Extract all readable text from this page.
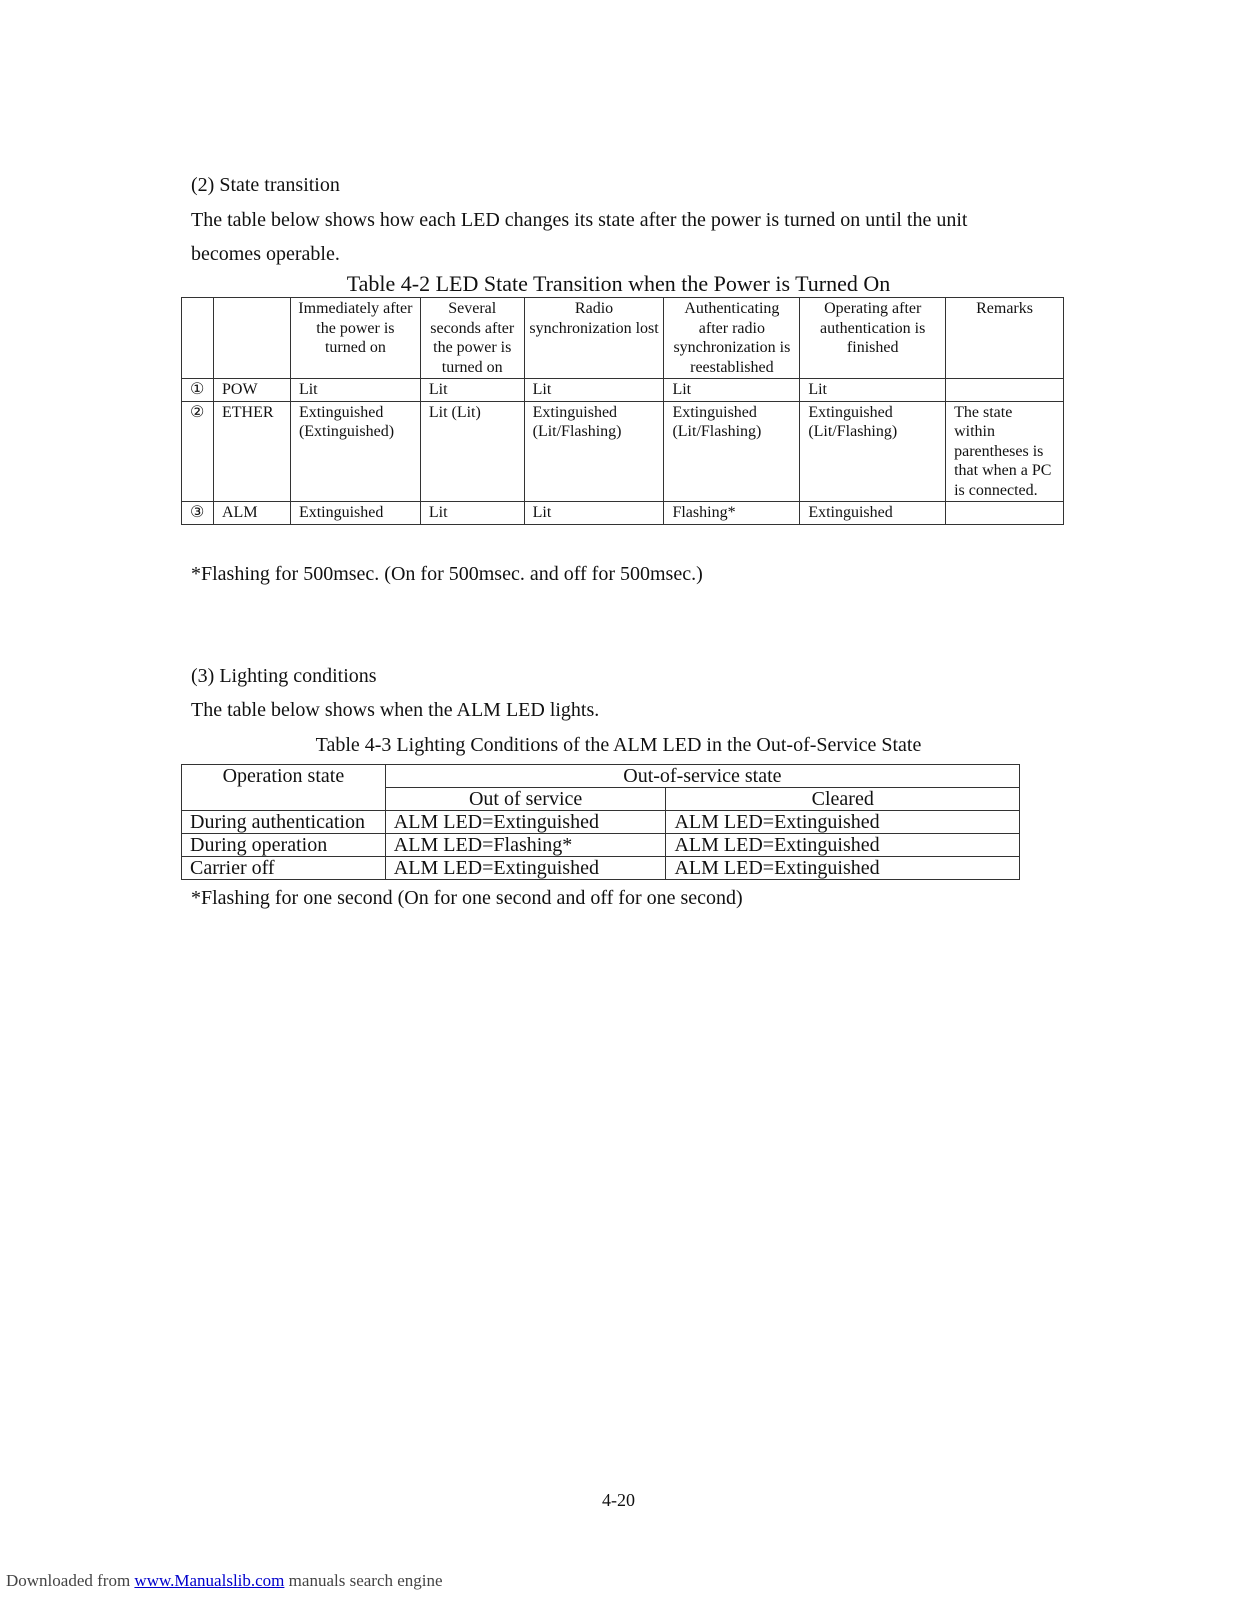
(2) State transition
The table below shows how each LED changes its state after the power is turned on until the unit
becomes operable.
Table 4-2 LED State Transition when the Power is Turned On
		Immediately after the power is turned on	Several seconds after the power is turned on	Radio synchronization lost	Authenticating after radio synchronization is reestablished	Operating after authentication is finished	Remarks
①	POW	Lit	Lit	Lit	Lit	Lit	
②	ETHER	Extinguished (Extinguished)	Lit (Lit)	Extinguished (Lit/Flashing)	Extinguished (Lit/Flashing)	Extinguished (Lit/Flashing)	The state within parentheses is that when a PC is connected.
③	ALM	Extinguished	Lit	Lit	Flashing*	Extinguished	
*Flashing for 500msec. (On for 500msec. and off for 500msec.)
(3) Lighting conditions
The table below shows when the ALM LED lights.
Table 4-3 Lighting Conditions of the ALM LED in the Out-of-Service State
Operation state	Out-of-service state	
	Out of service	Cleared
During authentication	ALM LED=Extinguished	ALM LED=Extinguished
During operation	ALM LED=Flashing*	ALM LED=Extinguished
Carrier off	ALM LED=Extinguished	ALM LED=Extinguished
*Flashing for one second (On for one second and off for one second)
4-20
Downloaded from www.Manualslib.com manuals search engine
